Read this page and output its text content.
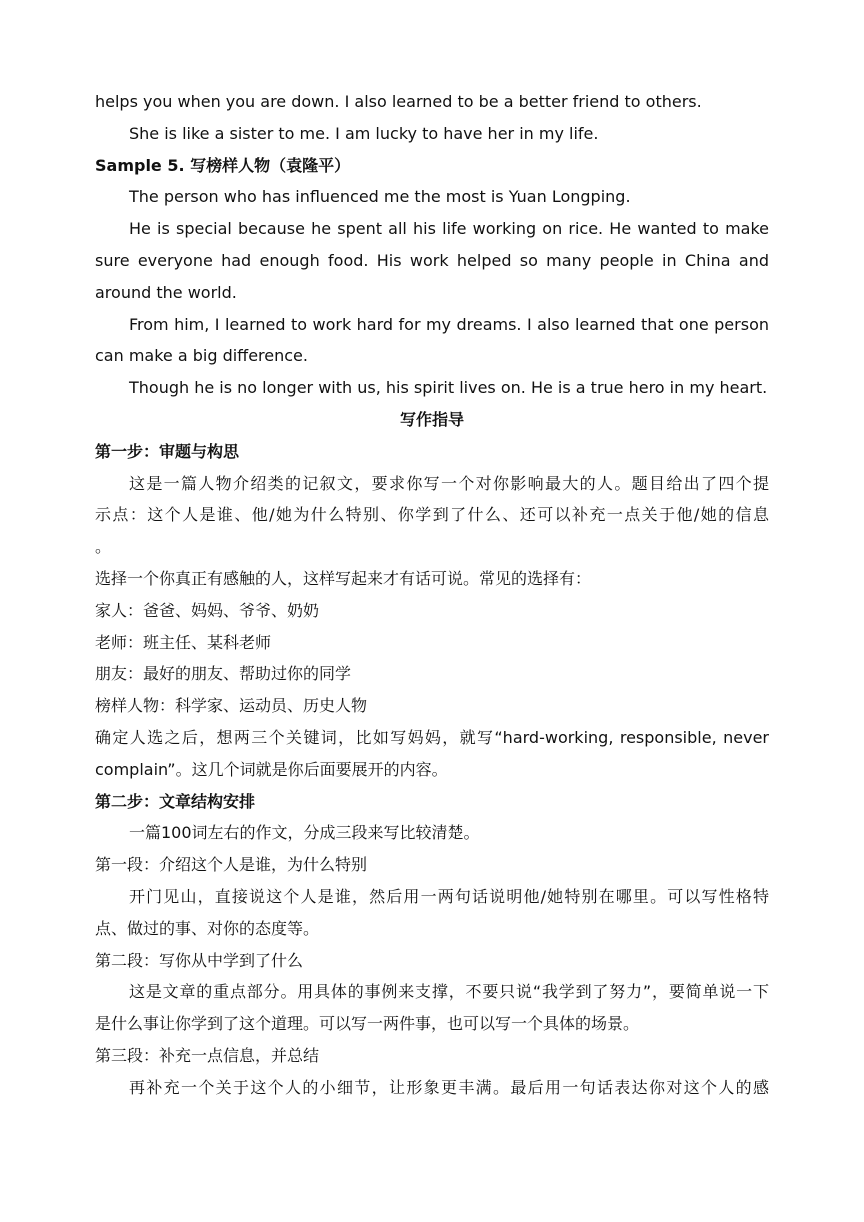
helps you when you are down. I also learned to be a better friend to others.

She is like a sister to me. I am lucky to have her in my life.

Sample 5. 写榜样人物（袁隆平）

The person who has influenced me the most is Yuan Longping.

He is special because he spent all his life working on rice. He wanted to make

sure everyone had enough food. His work helped so many people in China and

around the world.

From him, I learned to work hard for my dreams. I also learned that one person

can make a big difference.

Though he is no longer with us, his spirit lives on. He is a true hero in my heart.

写作指导

第一步：审题与构思

这是一篇人物介绍类的记叙文，要求你写一个对你影响最大的人。题目给出了四个提

示点：这个人是谁、他/她为什么特别、你学到了什么、还可以补充一点关于他/她的信息

。

选择一个你真正有感触的人，这样写起来才有话可说。常见的选择有：

家人：爸爸、妈妈、爷爷、奶奶

老师：班主任、某科老师

朋友：最好的朋友、帮助过你的同学

榜样人物：科学家、运动员、历史人物

确定人选之后，想两三个关键词，比如写妈妈，就写“hard-working, responsible, never

complain”。这几个词就是你后面要展开的内容。

第二步：文章结构安排

一篇100词左右的作文，分成三段来写比较清楚。

第一段：介绍这个人是谁，为什么特别

开门见山，直接说这个人是谁，然后用一两句话说明他/她特别在哪里。可以写性格特

点、做过的事、对你的态度等。

第二段：写你从中学到了什么

这是文章的重点部分。用具体的事例来支撑，不要只说“我学到了努力”，要简单说一下

是什么事让你学到了这个道理。可以写一两件事，也可以写一个具体的场景。

第三段：补充一点信息，并总结

再补充一个关于这个人的小细节，让形象更丰满。最后用一句话表达你对这个人的感
